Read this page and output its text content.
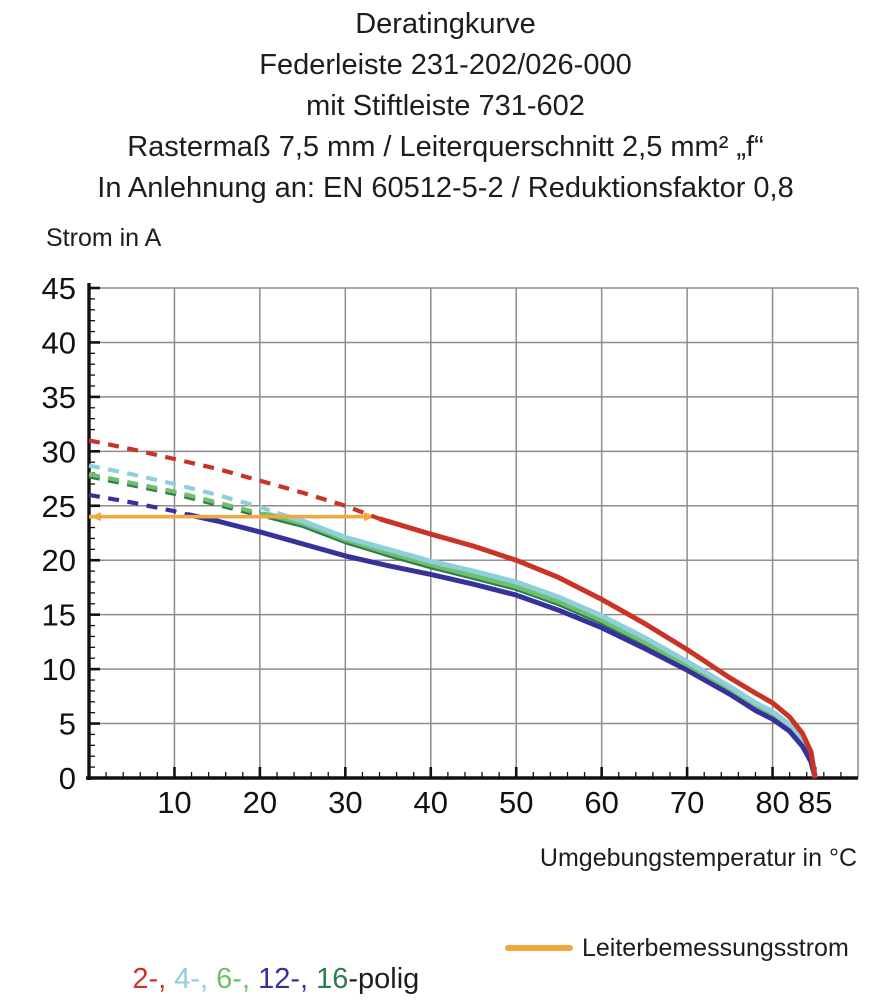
Deratingkurve
Federleiste 231-202/026-000
mit Stiftleiste 731-602
Rastermaß 7,5 mm / Leiterquerschnitt 2,5 mm² „f“
In Anlehnung an: EN 60512-5-2 / Reduktionsfaktor 0,8
Strom in A
10 20 30 40 50 60 70 80 85
0
5
10
15
20
25
30
35
40
45
Umgebungstemperatur in °C

2-, 4-, 6-, 12-, 16-polig

Leiterbemessungsstrom
